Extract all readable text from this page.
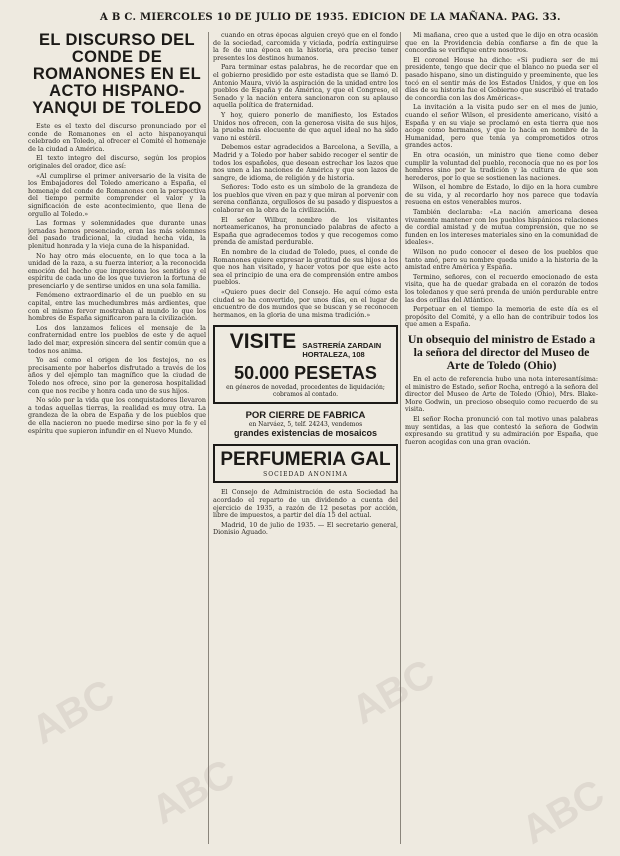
A B C. MIERCOLES 10 DE JULIO DE 1935. EDICION DE LA MAÑANA. PAG. 33.
EL DISCURSO DEL CONDE DE ROMANONES EN EL ACTO HISPANO-YANQUI DE TOLEDO

Este es el texto del discurso pronunciado por el conde de Romanones en el acto hispanoyanqui celebrado en Toledo, al ofrecer el Comité el homenaje de la ciudad a América.

El texto integro del discurso, según los propios originales del orador, dice así:

«Al cumplirse el primer aniversario de la visita de los Embajadores del Toledo americano a España, el homenaje del conde de Romanones con la perspectiva del tiempo permite comprender el valor y la significación de este acontecimiento, que llena de orgullo al Toledo.»

Las formas y solemnidades que durante unas jornadas hemos presenciado, eran las más solemnes del pasado tradicional, la ciudad hecha vida, la plenitud honrada y la vieja cuna de la hispanidad.

No hay otro más elocuente, en lo que toca a la unidad de la raza, a su fuerza interior, a la reconocida emoción del hecho que impresiona los sentidos y el espíritu de cada uno de los que tuvieron la fortuna de presenciarlo y de sentirse unidos en una sola familia.

Fenómeno extraordinario el de un pueblo en su capital, entre las muchedumbres más ardientes, que con el mismo fervor mostraban al mundo lo que los hombres de España significaron para la civilización.

Los dos lanzamos felices el mensaje de la confraternidad entre los pueblos de este y de aquel lado del mar, expresión sincera del sentir común que a todos nos anima.

Yo así como el origen de los festejos, no es precisamente por haberlos disfrutado a través de los años y del ejemplo tan magnífico que la ciudad de Toledo nos ofrece, sino por la generosa hospitalidad con que nos recibe y honra cada uno de sus hijos.

No sólo por la vida que los conquistadores llevaron a todas aquellas tierras, la realidad es muy otra. La grandeza de la obra de España y de los pueblos que de ella nacieron no puede medirse sino por la fe y el espíritu que supieron infundir en el Nuevo Mundo.

cuando en otras épocas alguien creyó que en el fondo de la sociedad, carcomida y viciada, podría extinguirse la fe de una época en la historia, era preciso tener presentes los destinos humanos.

Para terminar estas palabras, he de recordar que en el gobierno presidido por este estadista que se llamó D. Antonio Maura, vivió la aspiración de la unidad entre los pueblos de España y de América, y que el Congreso, el Senado y la nación entera sancionaron con su aplauso aquella política de fraternidad.

Y hoy, quiero ponerlo de manifiesto, los Estados Unidos nos ofrecen, con la generosa visita de sus hijos, la prueba más elocuente de que aquel ideal no ha sido vano ni estéril.

Debemos estar agradecidos a Barcelona, a Sevilla, a Madrid y a Toledo por haber sabido recoger el sentir de todos los españoles, que desean estrechar los lazos que nos unen a las naciones de América y que son lazos de sangre, de idioma, de religión y de historia.

Señores: Todo esto es un símbolo de la grandeza de los pueblos que viven en paz y que miran al porvenir con serena confianza, orgullosos de su pasado y dispuestos a colaborar en la obra de la civilización.

El señor Wilbur, nombre de los visitantes norteamericanos, ha pronunciado palabras de afecto a España que agradecemos todos y que recogemos como prenda de amistad perdurable.

En nombre de la ciudad de Toledo, pues, el conde de Romanones quiere expresar la gratitud de sus hijos a los que nos han visitado, y hacer votos por que este acto sea el principio de una era de comprensión entre ambos pueblos.

«Quiero pues decir del Consejo. He aquí cómo esta ciudad se ha convertido, por unos días, en el lugar de encuentro de dos mundos que se buscan y se reconocen hermanos, en la gloria de una misma tradición.»

VISITE SASTRERÍA ZARDAIN
HORTALEZA, 108
50.000 PESETAS
en géneros de novedad, procedentes de liquidación; cobramos al contado.
POR CIERRE DE FABRICA
en Narváez, 5, telf. 24243, vendemos
grandes existencias de mosaicos
PERFUMERIA GAL
SOCIEDAD ANONIMA

El Consejo de Administración de esta Sociedad ha acordado el reparto de un dividendo a cuenta del ejercicio de 1935, a razón de 12 pesetas por acción, libre de impuestos, a partir del día 15 del actual.

Madrid, 10 de julio de 1935. — El secretario general, Dionisio Aguado.

Mi mañana, creo que a usted que le dijo en otra ocasión que en la Providencia debía confiarse a fin de que la concordia se verifique entre nosotros.

El coronel House ha dicho: «Si pudiera ser de mi presidente, tengo que decir que el blanco no pueda ser el pasado hispano, sino un distinguido y preeminente, que les tocó en el sentir más de los Estados Unidos, y que en los días de su historia fue el Gobierno que suscribió el tratado de concordia con las dos Américas».

La invitación a la visita pudo ser en el mes de junio, cuando el señor Wilson, el presidente americano, visitó a España y en su viaje se proclamó en esta tierra que nos acoge como hermanos, y que lo hacía en nombre de la Humanidad, pero que tenía ya comprometidos otros grandes actos.

En otra ocasión, un ministro que tiene como deber cumplir la voluntad del pueblo, reconocía que no es por los hombres sino por la tradición y la cultura de que son herederos, por lo que se sostienen las naciones.

Wilson, el hombre de Estado, lo dijo en la hora cumbre de su vida, y al recordarlo hoy nos parece que todavía resuena en estos venerables muros.

También declaraba: «La nación americana desea vivamente mantener con los pueblos hispánicos relaciones de cordial amistad y de mutua comprensión, que no se funden en los intereses materiales sino en la comunidad de ideales».

Wilson no pudo conocer el deseo de los pueblos que tanto amó, pero su nombre queda unido a la historia de la amistad entre América y España.

Termino, señores, con el recuerdo emocionado de esta visita, que ha de quedar grabada en el corazón de todos los toledanos y que será prenda de unión perdurable entre las dos orillas del Atlántico.

Perpetuar en el tiempo la memoria de este día es el propósito del Comité, y a ello han de contribuir todos los que amen a España.

Un obsequio del ministro de Estado a la señora del director del Museo de Arte de Toledo (Ohio)

En el acto de referencia hubo una nota interesantísima: el ministro de Estado, señor Rocha, entregó a la señora del director del Museo de Arte de Toledo (Ohio), Mrs. Blake-More Godwin, un precioso obsequio como recuerdo de su visita.

El señor Rocha pronunció con tal motivo unas palabras muy sentidas, a las que contestó la señora de Godwin expresando su gratitud y su admiración por España, que fueron acogidas con una gran ovación.

ABC
ABC
ABC
ABC
